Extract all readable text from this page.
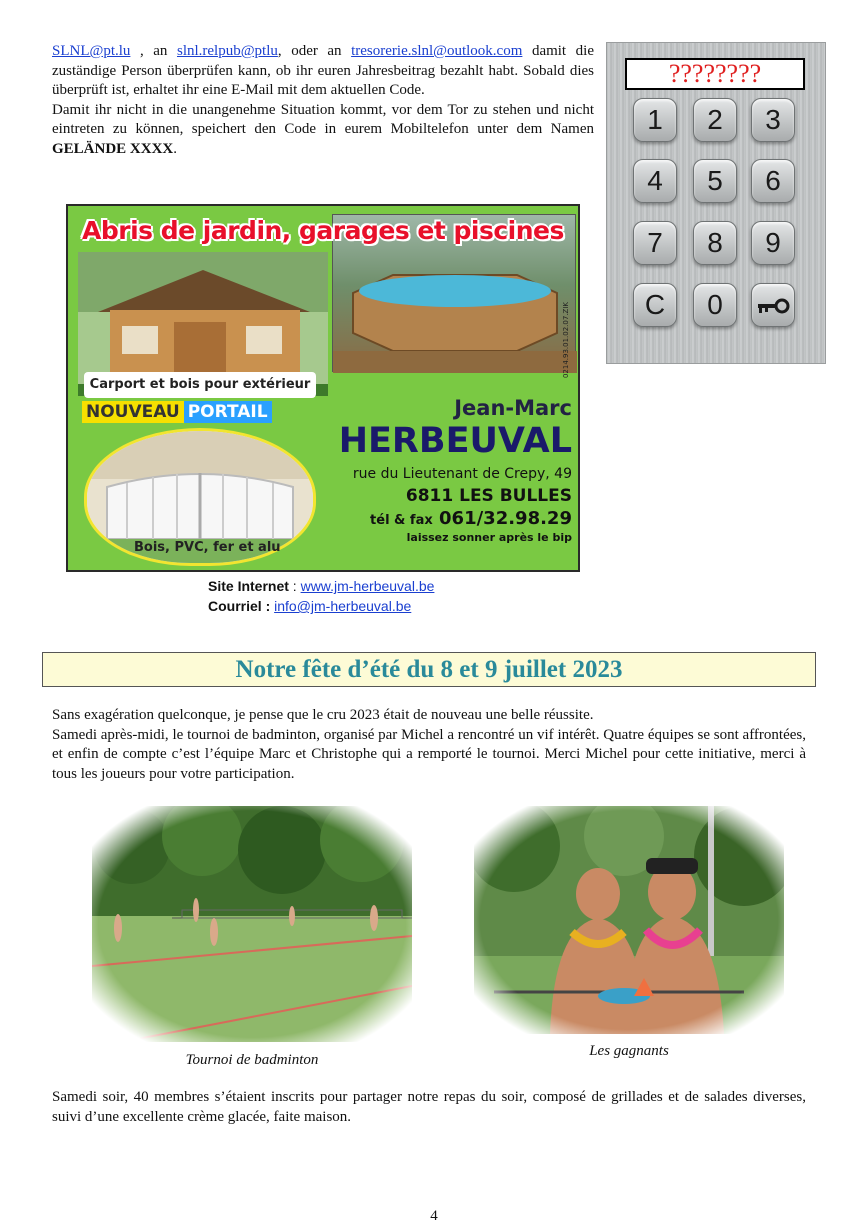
SLNL@pt.lu , an slnl.relpub@ptlu, oder an tresorerie.slnl@outlook.com damit die zuständige Person überprüfen kann, ob ihr euren Jahresbeitrag bezahlt habt. Sobald dies überprüft ist, erhaltet ihr eine E-Mail mit dem aktuellen Code.

Damit ihr nicht in die unangenehme Situation kommt, vor dem Tor zu stehen und nicht eintreten zu können, speichert den Code in eurem Mobiltelefon unter dem Namen GELÄNDE XXXX.

????????
1	2	3
4	5	6
7	8	9
C	0
Abris de jardin, garages et piscines
Carport et bois pour extérieur
NOUVEAU PORTAIL
Bois, PVC, fer et alu
Jean-Marc
HERBEUVAL
rue du Lieutenant de Crepy, 49
6811 LES BULLES
tél & fax 061/32.98.29
laissez sonner après le bip
0214.93.01.02.07.ZIK
Site Internet : www.jm-herbeuval.be
Courriel : info@jm-herbeuval.be
Notre fête d’été du 8 et 9 juillet 2023

Sans exagération quelconque, je pense que le cru 2023 était de nouveau une belle réussite.

Samedi après-midi, le tournoi de badminton, organisé par Michel a rencontré un vif intérêt. Quatre équipes se sont affrontées, et enfin de compte c’est l’équipe Marc et Christophe qui a remporté le tournoi. Merci Michel pour cette initiative, merci à tous les joueurs pour votre participation.

Tournoi de badminton
Les gagnants
Samedi soir, 40 membres s’étaient inscrits pour partager notre repas du soir, composé de grillades et de salades diverses, suivi d’une excellente crème glacée, faite maison.
4
